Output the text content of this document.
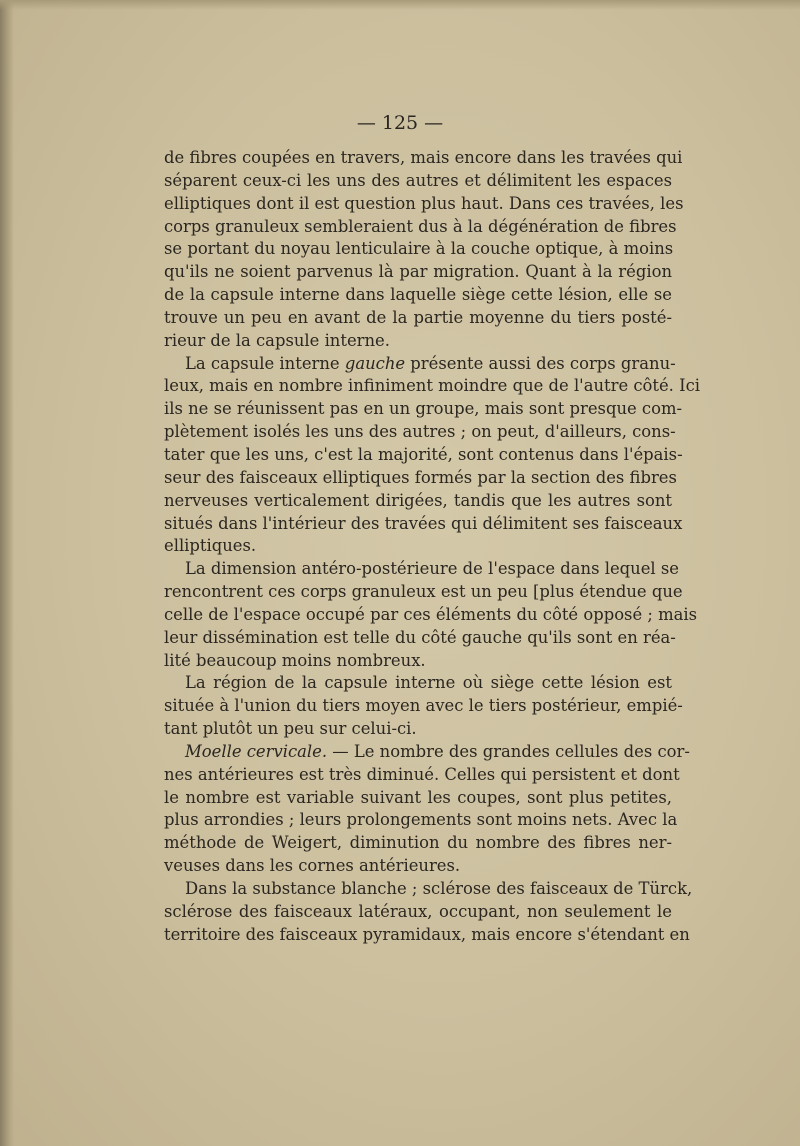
— 125 —
de fibres coupées en travers, mais encore dans les travées qui
séparent ceux-ci les uns des autres et délimitent les espaces
elliptiques dont il est question plus haut. Dans ces travées, les
corps granuleux sembleraient dus à la dégénération de fibres
se portant du noyau lenticulaire à la couche optique, à moins
qu'ils ne soient parvenus là par migration. Quant à la région
de la capsule interne dans laquelle siège cette lésion, elle se
trouve un peu en avant de la partie moyenne du tiers posté-
rieur de la capsule interne.
La capsule interne gauche présente aussi des corps granu-
leux, mais en nombre infiniment moindre que de l'autre côté. Ici
ils ne se réunissent pas en un groupe, mais sont presque com-
plètement isolés les uns des autres ; on peut, d'ailleurs, cons-
tater que les uns, c'est la majorité, sont contenus dans l'épais-
seur des faisceaux elliptiques formés par la section des fibres
nerveuses verticalement dirigées, tandis que les autres sont
situés dans l'intérieur des travées qui délimitent ses faisceaux
elliptiques.
La dimension antéro-postérieure de l'espace dans lequel se
rencontrent ces corps granuleux est un peu [plus étendue que
celle de l'espace occupé par ces éléments du côté opposé ; mais
leur dissémination est telle du côté gauche qu'ils sont en réa-
lité beaucoup moins nombreux.
La région de la capsule interne où siège cette lésion est
située à l'union du tiers moyen avec le tiers postérieur, empié-
tant plutôt un peu sur celui-ci.
Moelle cervicale. — Le nombre des grandes cellules des cor-
nes antérieures est très diminué. Celles qui persistent et dont
le nombre est variable suivant les coupes, sont plus petites,
plus arrondies ; leurs prolongements sont moins nets. Avec la
méthode de Weigert, diminution du nombre des fibres ner-
veuses dans les cornes antérieures.
Dans la substance blanche ; sclérose des faisceaux de Türck,
sclérose des faisceaux latéraux, occupant, non seulement le
territoire des faisceaux pyramidaux, mais encore s'étendant en
